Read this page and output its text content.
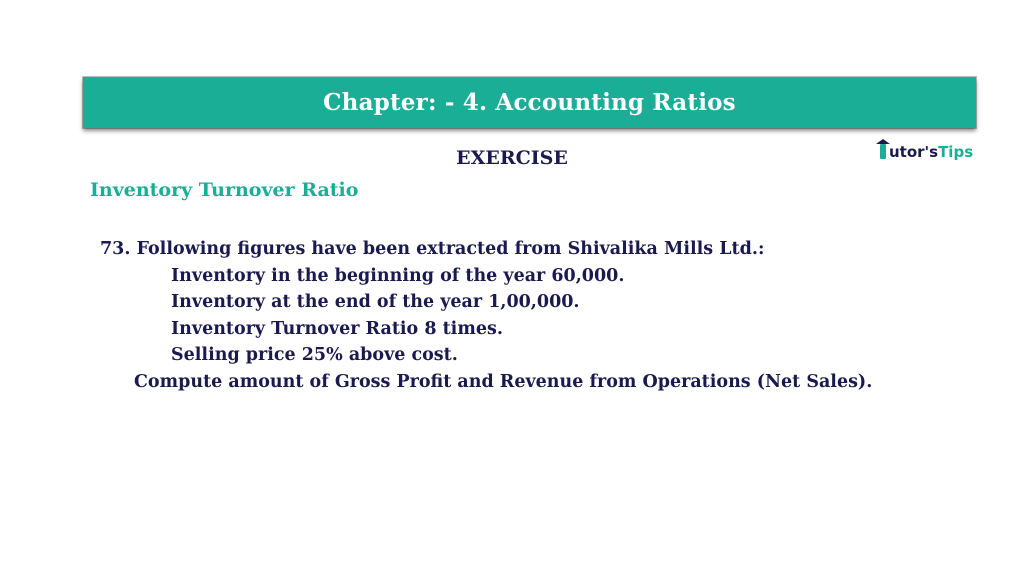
Chapter: - 4. Accounting Ratios
EXERCISE	utor's Tips
Inventory Turnover Ratio
73. Following figures have been extracted from Shivalika Mills Ltd.:
Inventory in the beginning of the year 60,000.
Inventory at the end of the year 1,00,000.
Inventory Turnover Ratio 8 times.
Selling price 25% above cost.
Compute amount of Gross Profit and Revenue from Operations (Net Sales).
